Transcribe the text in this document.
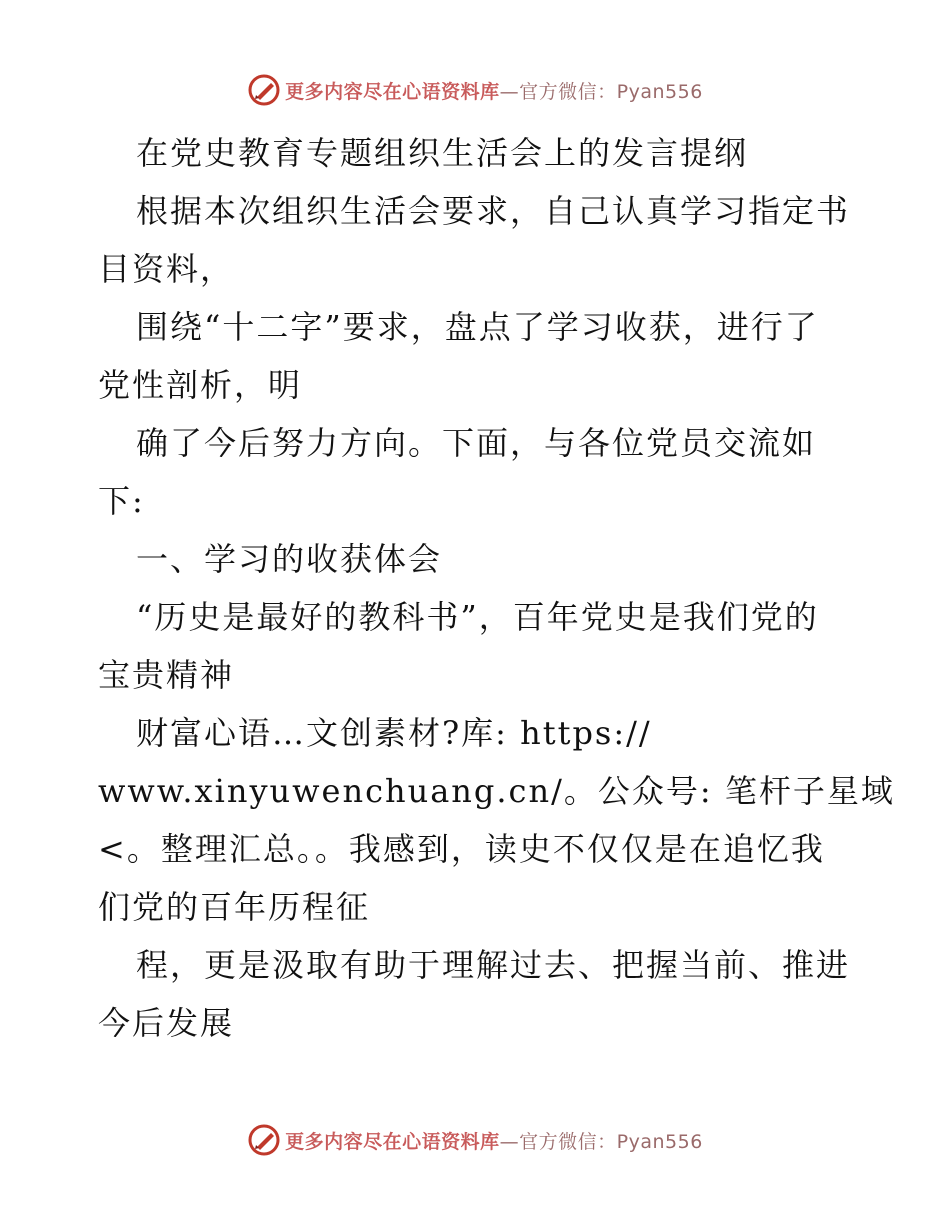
更多内容尽在心语资料库—官方微信：Pyan556
在党史教育专题组织生活会上的发言提纲
根据本次组织生活会要求，自己认真学习指定书
目资料，
围绕“十二字”要求，盘点了学习收获，进行了
党性剖析，明
确了今后努力方向。下面，与各位党员交流如
下:
一、学习的收获体会
“历史是最好的教科书”，百年党史是我们党的
宝贵精神
财富心语…文创素材?库: https://
www.xinyuwenchuang.cn/。公众号: 笔杆子星域
<。整理汇总。。我感到，读史不仅仅是在追忆我
们党的百年历程征
程，更是汲取有助于理解过去、把握当前、推进
今后发展
更多内容尽在心语资料库—官方微信：Pyan556
